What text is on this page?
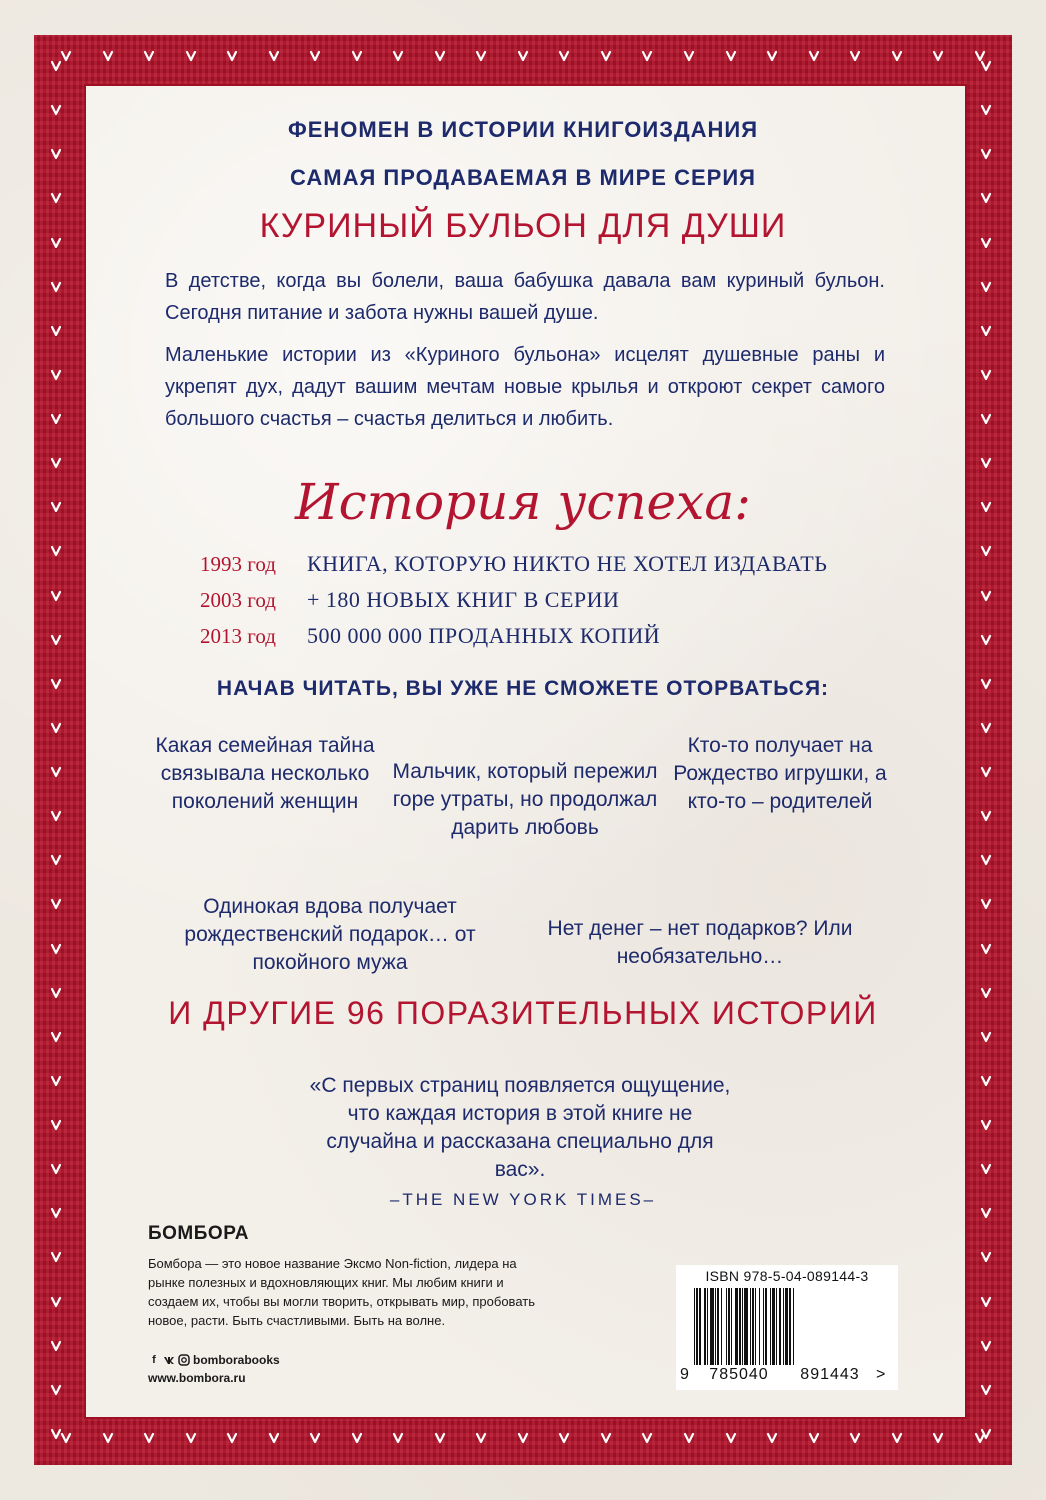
ФЕНОМЕН В ИСТОРИИ КНИГОИЗДАНИЯ
САМАЯ ПРОДАВАЕМАЯ В МИРЕ СЕРИЯ
КУРИНЫЙ БУЛЬОН ДЛЯ ДУШИ
В детстве, когда вы болели, ваша бабушка давала вам куриный бульон. Сегодня питание и забота нужны вашей душе.
Маленькие истории из «Куриного бульона» исцелят душевные раны и укрепят дух, дадут вашим мечтам новые крылья и откроют секрет самого большого счастья – счастья делиться и любить.
История успеха:
1993 год	КНИГА, КОТОРУЮ НИКТО НЕ ХОТЕЛ ИЗДАВАТЬ
2003 год	+ 180 НОВЫХ КНИГ В СЕРИИ
2013 год	500 000 000 ПРОДАННЫХ КОПИЙ
НАЧАВ ЧИТАТЬ, ВЫ УЖЕ НЕ СМОЖЕТЕ ОТОРВАТЬСЯ:
Какая семейная тайна связывала несколько поколений женщин
Мальчик, который пережил горе утраты, но продолжал дарить любовь
Кто-то получает на Рождество игрушки, а кто-то – родителей
Одинокая вдова получает рождественский подарок… от покойного мужа
Нет денег – нет подарков? Или необязательно…
И ДРУГИЕ 96 ПОРАЗИТЕЛЬНЫХ ИСТОРИЙ
«С первых страниц появляется ощущение, что каждая история в этой книге не случайна и рассказана специально для вас».
–THE NEW YORK TIMES–
БОМБОРА
Бомбора — это новое название Эксмо Non-fiction, лидера на рынке полезных и вдохновляющих книг. Мы любим книги и создаем их, чтобы вы могли творить, открывать мир, пробовать новое, расти. Быть счастливыми. Быть на волне.
f	bomborabooks
www.bombora.ru
ISBN 978-5-04-089144-3
9	785040	891443	>
